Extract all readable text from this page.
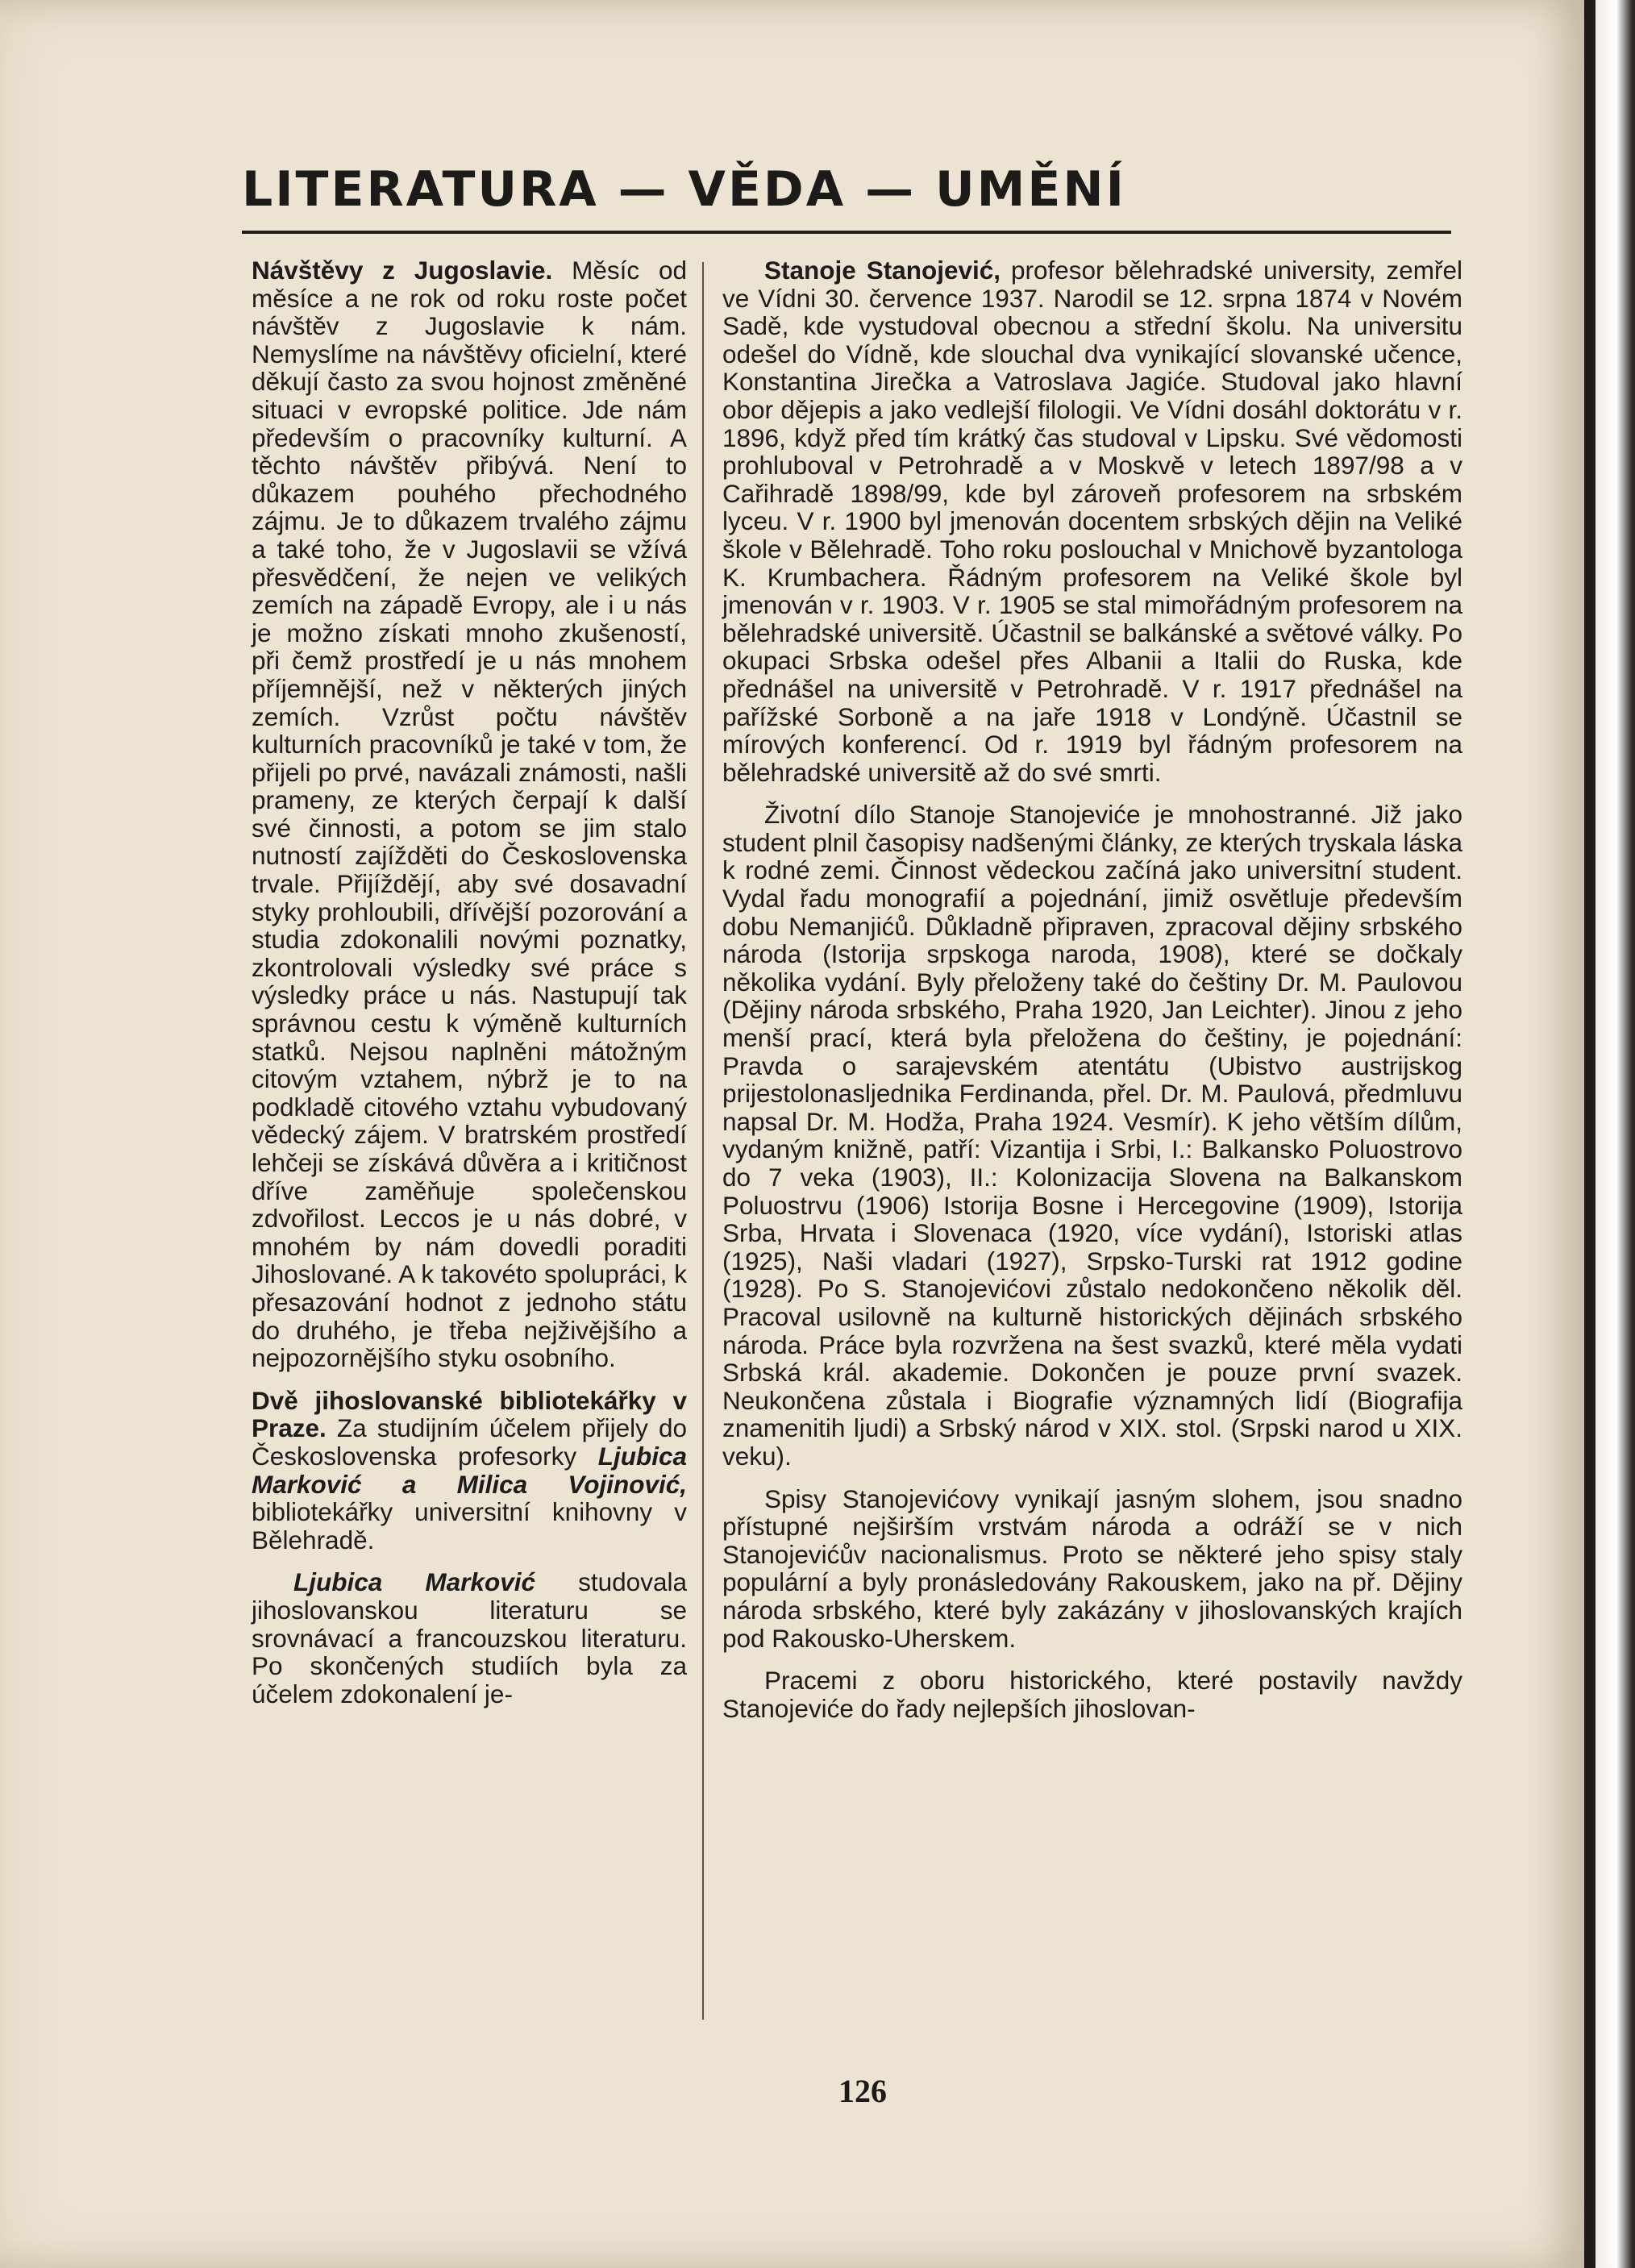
LITERATURA — VĚDA — UMĚNÍ

Návštěvy z Jugoslavie. Měsíc od měsíce a ne rok od roku roste počet návštěv z Jugoslavie k nám. Nemyslíme na návštěvy oficielní, které děkují často za svou hojnost změněné situaci v evropské politice. Jde nám především o pracovníky kulturní. A těchto návštěv přibývá. Není to důkazem pouhého přechodného zájmu. Je to důkazem trvalého zájmu a také toho, že v Jugoslavii se vžívá přesvědčení, že nejen ve velikých zemích na západě Evropy, ale i u nás je možno získati mnoho zkušeností, při čemž prostředí je u nás mnohem příjemnější, než v některých jiných zemích. Vzrůst počtu návštěv kulturních pracovníků je také v tom, že přijeli po prvé, navázali známosti, našli prameny, ze kterých čerpají k další své činnosti, a potom se jim stalo nutností zajížděti do Československa trvale. Přijíždějí, aby své dosavadní styky prohloubili, dřívější pozorování a studia zdokonalili novými poznatky, zkontrolovali výsledky své práce s výsledky práce u nás. Nastupují tak správnou cestu k výměně kulturních statků. Nejsou naplněni mátožným citovým vztahem, nýbrž je to na podkladě citového vztahu vybudovaný vědecký zájem. V bratrském prostředí lehčeji se získává důvěra a i kritičnost dříve zaměňuje společenskou zdvořilost. Leccos je u nás dobré, v mnohém by nám dovedli poraditi Jihoslované. A k takovéto spolupráci, k přesazování hodnot z jednoho státu do druhého, je třeba nejživějšího a nejpozornějšího styku osobního.

Dvě jihoslovanské bibliotekářky v Praze. Za studijním účelem přijely do Československa profesorky Ljubica Marković a Milica Vojinović, bibliotekářky universitní knihovny v Bělehradě.

Ljubica Marković studovala jihoslovanskou literaturu se srovnávací a francouzskou literaturu. Po skončených studiích byla za účelem zdokonalení je-

Stanoje Stanojević, profesor bělehradské university, zemřel ve Vídni 30. července 1937. Narodil se 12. srpna 1874 v Novém Sadě, kde vystudoval obecnou a střední školu. Na universitu odešel do Vídně, kde slouchal dva vynikající slovanské učence, Konstantina Jirečka a Vatroslava Jagiće. Studoval jako hlavní obor dějepis a jako vedlejší filologii. Ve Vídni dosáhl doktorátu v r. 1896, když před tím krátký čas studoval v Lipsku. Své vědomosti prohluboval v Petrohradě a v Moskvě v letech 1897/98 a v Cařihradě 1898/99, kde byl zároveň profesorem na srbském lyceu. V r. 1900 byl jmenován docentem srbských dějin na Veliké škole v Bělehradě. Toho roku poslouchal v Mnichově byzantologa K. Krumbachera. Řádným profesorem na Veliké škole byl jmenován v r. 1903. V r. 1905 se stal mimořádným profesorem na bělehradské universitě. Účastnil se balkánské a světové války. Po okupaci Srbska odešel přes Albanii a Italii do Ruska, kde přednášel na universitě v Petrohradě. V r. 1917 přednášel na pařížské Sorboně a na jaře 1918 v Londýně. Účastnil se mírových konferencí. Od r. 1919 byl řádným profesorem na bělehradské universitě až do své smrti.

Životní dílo Stanoje Stanojeviće je mnohostranné. Již jako student plnil časopisy nadšenými články, ze kterých tryskala láska k rodné zemi. Činnost vědeckou začíná jako universitní student. Vydal řadu monografií a pojednání, jimiž osvětluje především dobu Nemanjićů. Důkladně připraven, zpracoval dějiny srbského národa (Istorija srpskoga naroda, 1908), které se dočkaly několika vydání. Byly přeloženy také do češtiny Dr. M. Paulovou (Dějiny národa srbského, Praha 1920, Jan Leichter). Jinou z jeho menší prací, která byla přeložena do češtiny, je pojednání: Pravda o sarajevském atentátu (Ubistvo austrijskog prijestolonaslјednika Ferdinanda, přel. Dr. M. Paulová, předmluvu napsal Dr. M. Hodža, Praha 1924. Vesmír). K jeho větším dílům, vydaným knižně, patří: Vizantija i Srbi, I.: Balkansko Poluostrovo do 7 veka (1903), II.: Kolonizacija Slovena na Balkanskom Poluostrvu (1906) Istorija Bosne i Hercegovine (1909), Istorija Srba, Hrvata i Slovenaca (1920, více vydání), Istoriski atlas (1925), Naši vladari (1927), Srpsko-Turski rat 1912 godine (1928). Po S. Stanojevićovi zůstalo nedokončeno několik děl. Pracoval usilovně na kulturně historických dějinách srbského národa. Práce byla rozvržena na šest svazků, které měla vydati Srbská král. akademie. Dokončen je pouze první svazek. Neukončena zůstala i Biografie významných lidí (Biografija znamenitih ljudi) a Srbský národ v XIX. stol. (Srpski narod u XIX. veku).

Spisy Stanojevićovy vynikají jasným slohem, jsou snadno přístupné nejširším vrstvám národa a odráží se v nich Stanojevićův nacionalismus. Proto se některé jeho spisy staly populární a byly pronásledovány Rakouskem, jako na př. Dějiny národa srbského, které byly zakázány v jihoslovanských krajích pod Rakousko-Uherskem.

Pracemi z oboru historického, které postavily navždy Stanojeviće do řady nejlepších jihoslovan-

126
